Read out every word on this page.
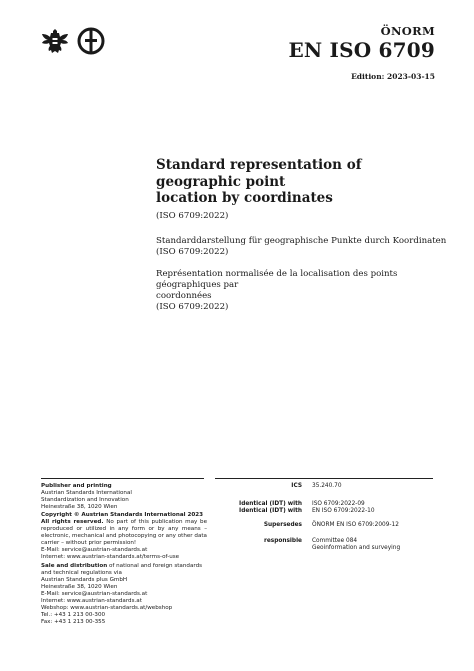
ÖNORM
EN ISO 6709
Edition: 2023-03-15
Standard representation of geographic point
location by coordinates
(ISO 6709:2022)
Standarddarstellung für geographische Punkte durch Koordinaten
(ISO 6709:2022)
Représentation normalisée de la localisation des points géographiques par
coordonnées
(ISO 6709:2022)
Publisher and printing
Austrian Standards International
Standardization and Innovation
Heinestraße 38, 1020 Wien
Copyright © Austrian Standards International 2023
All rights reserved. No part of this publication may be reproduced or utilized in any form or by any means – electronic, mechanical and photocopying or any other data carrier – without prior permission!
E-Mail: service@austrian-standards.at
Internet: www.austrian-standards.at/terms-of-use
Sale and distribution of national and foreign standards and technical regulations via
Austrian Standards plus GmbH
Heinestraße 38, 1020 Wien
E-Mail: service@austrian-standards.at
Internet: www.austrian-standards.at
Webshop: www.austrian-standards.at/webshop
Tel.: +43 1 213 00-300
Fax: +43 1 213 00-355
ICS 35.240.70
Identical (IDT) with ISO 6709:2022-09
Identical (IDT) with EN ISO 6709:2022-10
Supersedes ÖNORM EN ISO 6709:2009-12
responsible Committee 084
Geoinformation and surveying
